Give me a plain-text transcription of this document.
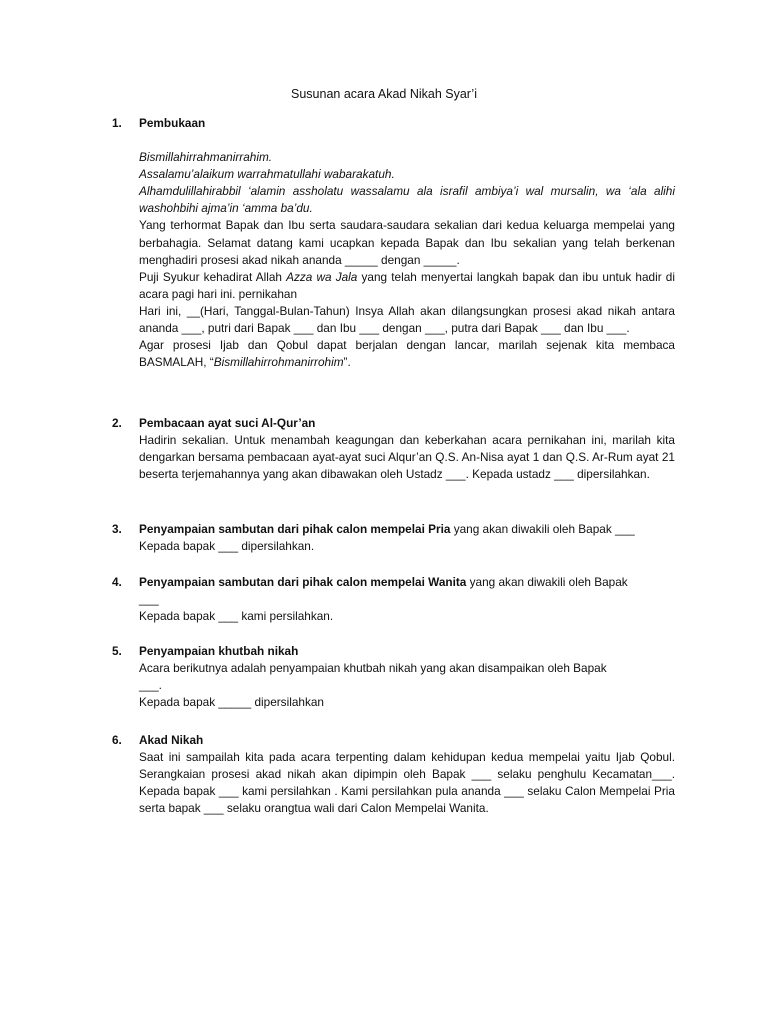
Susunan acara Akad Nikah Syar’i
1.	Pembukaan
Bismillahirrahmanirrahim.
Assalamu’alaikum warrahmatullahi wabarakatuh.
Alhamdulillahirabbil ‘alamin assholatu wassalamu ala israfil ambiya’i wal mursalin, wa ‘ala alihi washohbihi ajma’in ‘amma ba’du.
Yang terhormat Bapak dan Ibu serta saudara-saudara sekalian dari kedua keluarga mempelai yang berbahagia. Selamat datang kami ucapkan kepada Bapak dan Ibu sekalian yang telah berkenan menghadiri prosesi akad nikah ananda _____ dengan _____.
Puji Syukur kehadirat Allah Azza wa Jala yang telah menyertai langkah bapak dan ibu untuk hadir di acara pagi hari ini. pernikahan
Hari ini, __(Hari, Tanggal-Bulan-Tahun) Insya Allah akan dilangsungkan prosesi akad nikah antara ananda ___, putri dari Bapak ___ dan Ibu ___ dengan ___, putra dari Bapak ___ dan Ibu ___.
Agar prosesi Ijab dan Qobul dapat berjalan dengan lancar, marilah sejenak kita membaca BASMALAH, “Bismillahirrohmanirrohim”.
2.	Pembacaan ayat suci Al-Qur’an
Hadirin sekalian. Untuk menambah keagungan dan keberkahan acara pernikahan ini, marilah kita dengarkan bersama pembacaan ayat-ayat suci Alqur’an Q.S. An-Nisa ayat 1 dan Q.S. Ar-Rum ayat 21 beserta terjemahannya yang akan dibawakan oleh Ustadz ___. Kepada ustadz ___ dipersilahkan.
3.	Penyampaian sambutan dari pihak calon mempelai Pria yang akan diwakili oleh Bapak ___
Kepada bapak ___ dipersilahkan.
4.	Penyampaian sambutan dari pihak calon mempelai Wanita yang akan diwakili oleh Bapak
___
Kepada bapak ___ kami persilahkan.
5.	Penyampaian khutbah nikah
Acara berikutnya adalah penyampaian khutbah nikah yang akan disampaikan oleh Bapak
___.
Kepada bapak _____ dipersilahkan
6.	Akad Nikah
Saat ini sampailah kita pada acara terpenting dalam kehidupan kedua mempelai yaitu Ijab Qobul. Serangkaian prosesi akad nikah akan dipimpin oleh Bapak ___ selaku penghulu Kecamatan___. Kepada bapak ___ kami persilahkan . Kami persilahkan pula ananda ___ selaku Calon Mempelai Pria serta bapak ___ selaku orangtua wali dari Calon Mempelai Wanita.
